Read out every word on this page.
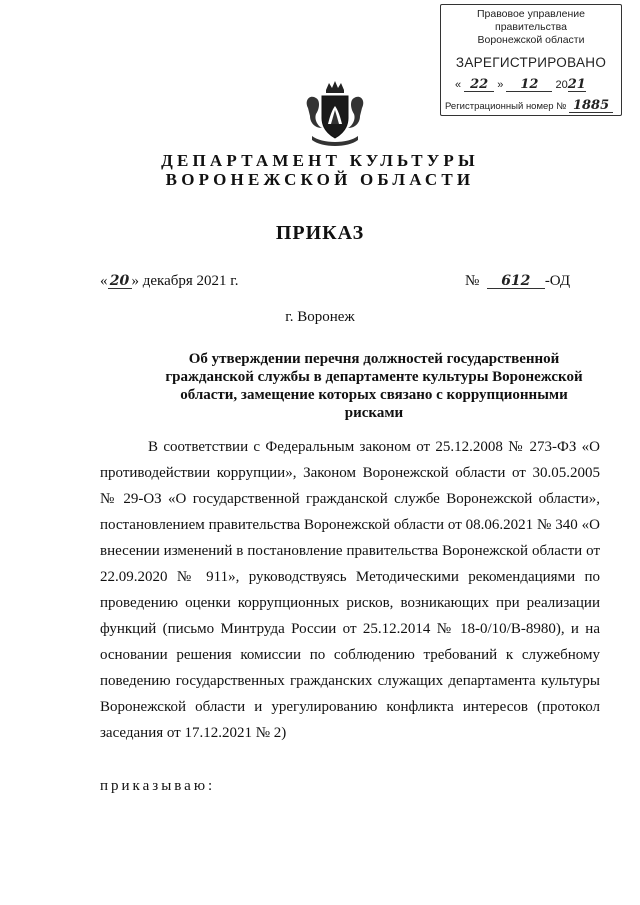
Правовое управление правительства
Воронежской области
ЗАРЕГИСТРИРОВАНО
« 22 » 12 2021
Регистрационный номер № 1885
ДЕПАРТАМЕНТ КУЛЬТУРЫ
ВОРОНЕЖСКОЙ ОБЛАСТИ
ПРИКАЗ
« 20 » декабря 2021 г.	№ 612 -ОД
г. Воронеж
Об утверждении перечня должностей государственной гражданской службы в департаменте культуры Воронежской области, замещение которых связано с коррупционными рисками

В соответствии с Федеральным законом от 25.12.2008 № 273-ФЗ «О противодействии коррупции», Законом Воронежской области от 30.05.2005 № 29-ОЗ «О государственной гражданской службе Воронежской области», постановлением правительства Воронежской области от 08.06.2021 № 340 «О внесении изменений в постановление правительства Воронежской области от 22.09.2020 № 911», руководствуясь Методическими рекомендациями по проведению оценки коррупционных рисков, возникающих при реализации функций (письмо Минтруда России от 25.12.2014 № 18-0/10/В-8980), и на основании решения комиссии по соблюдению требований к служебному поведению государственных гражданских служащих департамента культуры Воронежской области и урегулированию конфликта интересов (протокол заседания от 17.12.2021 № 2)

приказываю:
